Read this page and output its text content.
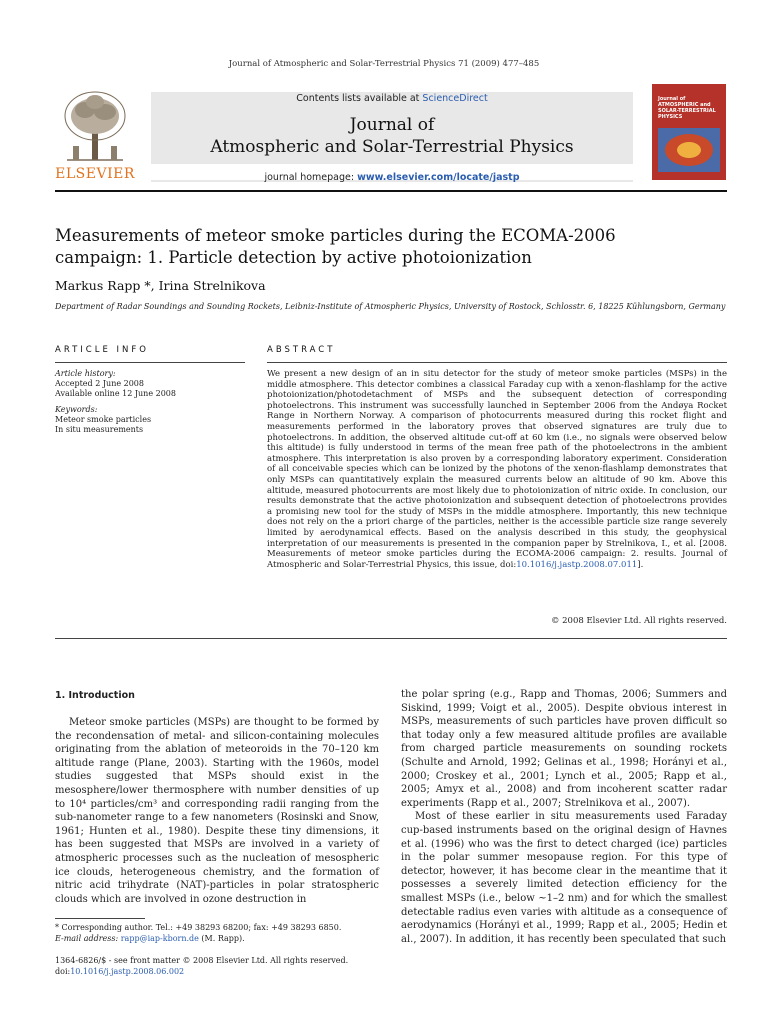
Journal of Atmospheric and Solar-Terrestrial Physics 71 (2009) 477–485
ELSEVIER
Contents lists available at ScienceDirect
Journal of
Atmospheric and Solar-Terrestrial Physics
journal homepage: www.elsevier.com/locate/jastp
Journal of ATMOSPHERIC and SOLAR-TERRESTRIAL PHYSICS
Measurements of meteor smoke particles during the ECOMA-2006 campaign: 1. Particle detection by active photoionization
Markus Rapp *, Irina Strelnikova
Department of Radar Soundings and Sounding Rockets, Leibniz-Institute of Atmospheric Physics, University of Rostock, Schlosstr. 6, 18225 Kühlungsborn, Germany
ARTICLE INFO
Article history:
Accepted 2 June 2008
Available online 12 June 2008
Keywords:
Meteor smoke particles
In situ measurements
ABSTRACT
We present a new design of an in situ detector for the study of meteor smoke particles (MSPs) in the middle atmosphere. This detector combines a classical Faraday cup with a xenon-flashlamp for the active photoionization/photodetachment of MSPs and the subsequent detection of corresponding photoelectrons. This instrument was successfully launched in September 2006 from the Andøya Rocket Range in Northern Norway. A comparison of photocurrents measured during this rocket flight and measurements performed in the laboratory proves that observed signatures are truly due to photoelectrons. In addition, the observed altitude cut-off at 60 km (i.e., no signals were observed below this altitude) is fully understood in terms of the mean free path of the photoelectrons in the ambient atmosphere. This interpretation is also proven by a corresponding laboratory experiment. Consideration of all conceivable species which can be ionized by the photons of the xenon-flashlamp demonstrates that only MSPs can quantitatively explain the measured currents below an altitude of 90 km. Above this altitude, measured photocurrents are most likely due to photoionization of nitric oxide. In conclusion, our results demonstrate that the active photoionization and subsequent detection of photoelectrons provides a promising new tool for the study of MSPs in the middle atmosphere. Importantly, this new technique does not rely on the a priori charge of the particles, neither is the accessible particle size range severely limited by aerodynamical effects. Based on the analysis described in this study, the geophysical interpretation of our measurements is presented in the companion paper by Strelnikova, I., et al. [2008. Measurements of meteor smoke particles during the ECOMA-2006 campaign: 2. results. Journal of Atmospheric and Solar-Terrestrial Physics, this issue, doi:10.1016/j.jastp.2008.07.011].
© 2008 Elsevier Ltd. All rights reserved.
1. Introduction

Meteor smoke particles (MSPs) are thought to be formed by the recondensation of metal- and silicon-containing molecules originating from the ablation of meteoroids in the 70–120 km altitude range (Plane, 2003). Starting with the 1960s, model studies suggested that MSPs should exist in the mesosphere/lower thermosphere with number densities of up to 10⁴ particles/cm³ and corresponding radii ranging from the sub-nanometer range to a few nanometers (Rosinski and Snow, 1961; Hunten et al., 1980). Despite these tiny dimensions, it has been suggested that MSPs are involved in a variety of atmospheric processes such as the nucleation of mesospheric ice clouds, heterogeneous chemistry, and the formation of nitric acid trihydrate (NAT)-particles in polar stratospheric clouds which are involved in ozone destruction in

the polar spring (e.g., Rapp and Thomas, 2006; Summers and Siskind, 1999; Voigt et al., 2005). Despite obvious interest in MSPs, measurements of such particles have proven difficult so that today only a few measured altitude profiles are available from charged particle measurements on sounding rockets (Schulte and Arnold, 1992; Gelinas et al., 1998; Horányi et al., 2000; Croskey et al., 2001; Lynch et al., 2005; Rapp et al., 2005; Amyx et al., 2008) and from incoherent scatter radar experiments (Rapp et al., 2007; Strelnikova et al., 2007).

Most of these earlier in situ measurements used Faraday cup-based instruments based on the original design of Havnes et al. (1996) who was the first to detect charged (ice) particles in the polar summer mesopause region. For this type of detector, however, it has become clear in the meantime that it possesses a severely limited detection efficiency for the smallest MSPs (i.e., below ~1–2 nm) and for which the smallest detectable radius even varies with altitude as a consequence of aerodynamics (Horányi et al., 1999; Rapp et al., 2005; Hedin et al., 2007). In addition, it has recently been speculated that such

* Corresponding author. Tel.: +49 38293 68200; fax: +49 38293 6850.
E-mail address: rapp@iap-kborn.de (M. Rapp).
1364-6826/$ - see front matter © 2008 Elsevier Ltd. All rights reserved.
doi:10.1016/j.jastp.2008.06.002
